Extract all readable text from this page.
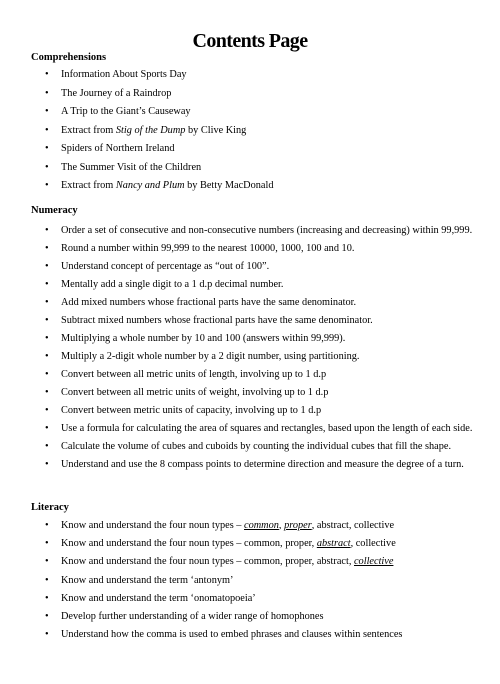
Contents Page
Comprehensions
• Information About Sports Day
• The Journey of a Raindrop
• A Trip to the Giant’s Causeway
• Extract from Stig of the Dump by Clive King
• Spiders of Northern Ireland
• The Summer Visit of the Children
• Extract from Nancy and Plum by Betty MacDonald
Numeracy
• Order a set of consecutive and non-consecutive numbers (increasing and decreasing) within 99,999.
• Round a number within 99,999 to the nearest 10000, 1000, 100 and 10.
• Understand concept of percentage as “out of 100”.
• Mentally add a single digit to a 1 d.p decimal number.
• Add mixed numbers whose fractional parts have the same denominator.
• Subtract mixed numbers whose fractional parts have the same denominator.
• Multiplying a whole number by 10 and 100 (answers within 99,999).
• Multiply a 2-digit whole number by a 2 digit number, using partitioning.
• Convert between all metric units of length, involving up to 1 d.p
• Convert between all metric units of weight, involving up to 1 d.p
• Convert between metric units of capacity, involving up to 1 d.p
• Use a formula for calculating the area of squares and rectangles, based upon the length of each side.
• Calculate the volume of cubes and cuboids by counting the individual cubes that fill the shape.
• Understand and use the 8 compass points to determine direction and measure the degree of a turn.
Literacy
• Know and understand the four noun types – common, proper, abstract, collective
• Know and understand the four noun types – common, proper, abstract, collective
• Know and understand the four noun types – common, proper, abstract, collective
• Know and understand the term ‘antonym’
• Know and understand the term ‘onomatopoeia’
• Develop further understanding of a wider range of homophones
• Understand how the comma is used to embed phrases and clauses within sentences
